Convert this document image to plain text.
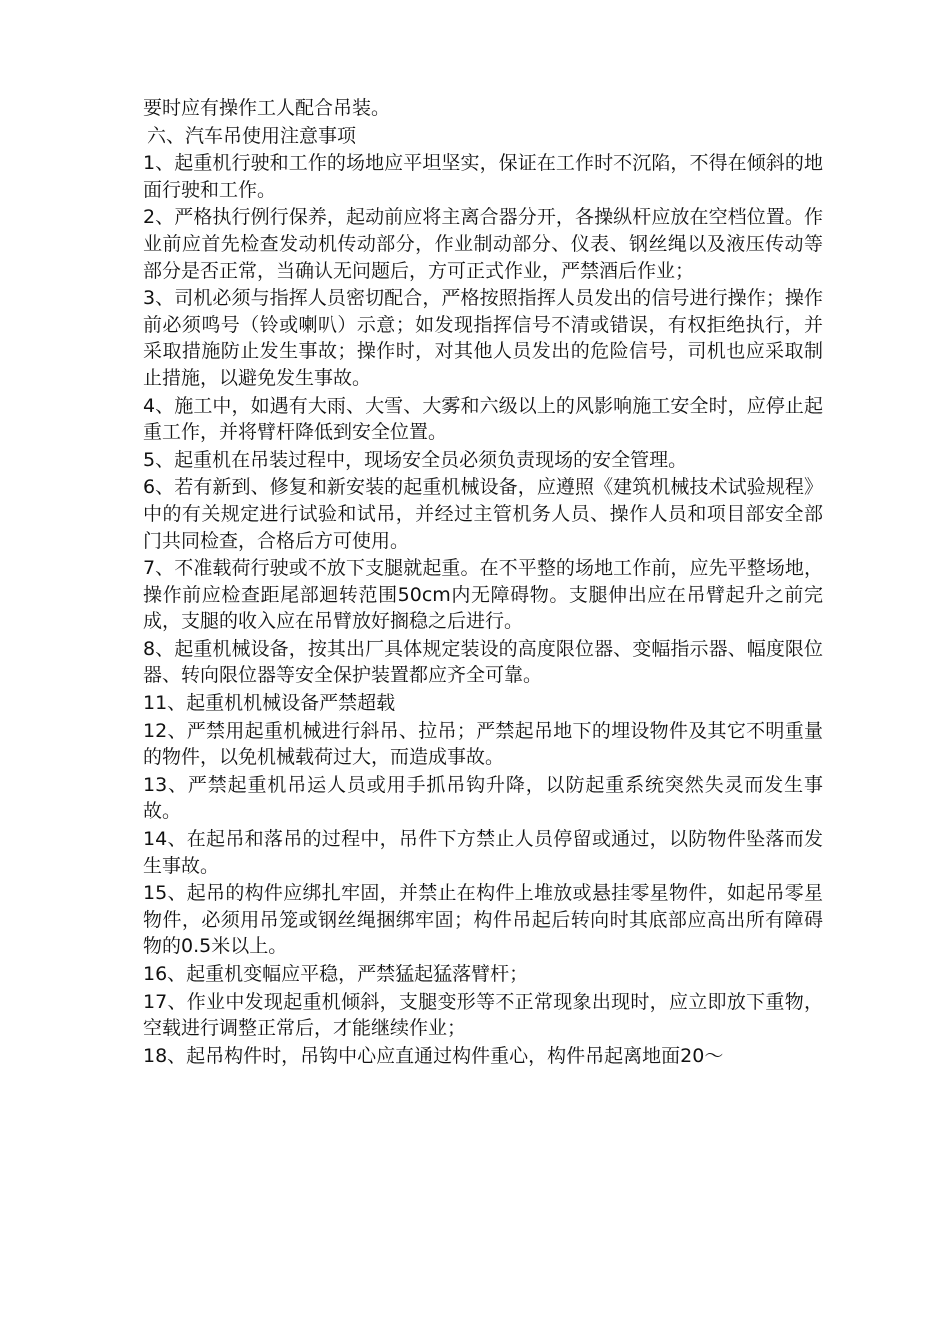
要时应有操作工人配合吊装。

六、汽车吊使用注意事项

1、起重机行驶和工作的场地应平坦坚实，保证在工作时不沉陷，不得在倾斜的地面行驶和工作。

2、严格执行例行保养，起动前应将主离合器分开，各操纵杆应放在空档位置。作业前应首先检查发动机传动部分，作业制动部分、仪表、钢丝绳以及液压传动等部分是否正常，当确认无问题后，方可正式作业，严禁酒后作业；

3、司机必须与指挥人员密切配合，严格按照指挥人员发出的信号进行操作；操作前必须鸣号（铃或喇叭）示意；如发现指挥信号不清或错误，有权拒绝执行，并采取措施防止发生事故；操作时，对其他人员发出的危险信号，司机也应采取制止措施，以避免发生事故。

4、施工中，如遇有大雨、大雪、大雾和六级以上的风影响施工安全时，应停止起重工作，并将臂杆降低到安全位置。

5、起重机在吊装过程中，现场安全员必须负责现场的安全管理。

6、若有新到、修复和新安装的起重机械设备，应遵照《建筑机械技术试验规程》中的有关规定进行试验和试吊，并经过主管机务人员、操作人员和项目部安全部门共同检查，合格后方可使用。

7、不准载荷行驶或不放下支腿就起重。在不平整的场地工作前，应先平整场地，操作前应检查距尾部迴转范围50cm内无障碍物。支腿伸出应在吊臂起升之前完成，支腿的收入应在吊臂放好搁稳之后进行。

8、起重机械设备，按其出厂具体规定装设的高度限位器、变幅指示器、幅度限位器、转向限位器等安全保护装置都应齐全可靠。

11、起重机机械设备严禁超载

12、严禁用起重机械进行斜吊、拉吊；严禁起吊地下的埋设物件及其它不明重量的物件，以免机械载荷过大，而造成事故。

13、严禁起重机吊运人员或用手抓吊钩升降，以防起重系统突然失灵而发生事故。

14、在起吊和落吊的过程中，吊件下方禁止人员停留或通过，以防物件坠落而发生事故。

15、起吊的构件应绑扎牢固，并禁止在构件上堆放或悬挂零星物件，如起吊零星物件，必须用吊笼或钢丝绳捆绑牢固；构件吊起后转向时其底部应高出所有障碍物的0.5米以上。

16、起重机变幅应平稳，严禁猛起猛落臂杆；

17、作业中发现起重机倾斜，支腿变形等不正常现象出现时，应立即放下重物，空载进行调整正常后，才能继续作业；

18、起吊构件时，吊钩中心应直通过构件重心，构件吊起离地面20～
